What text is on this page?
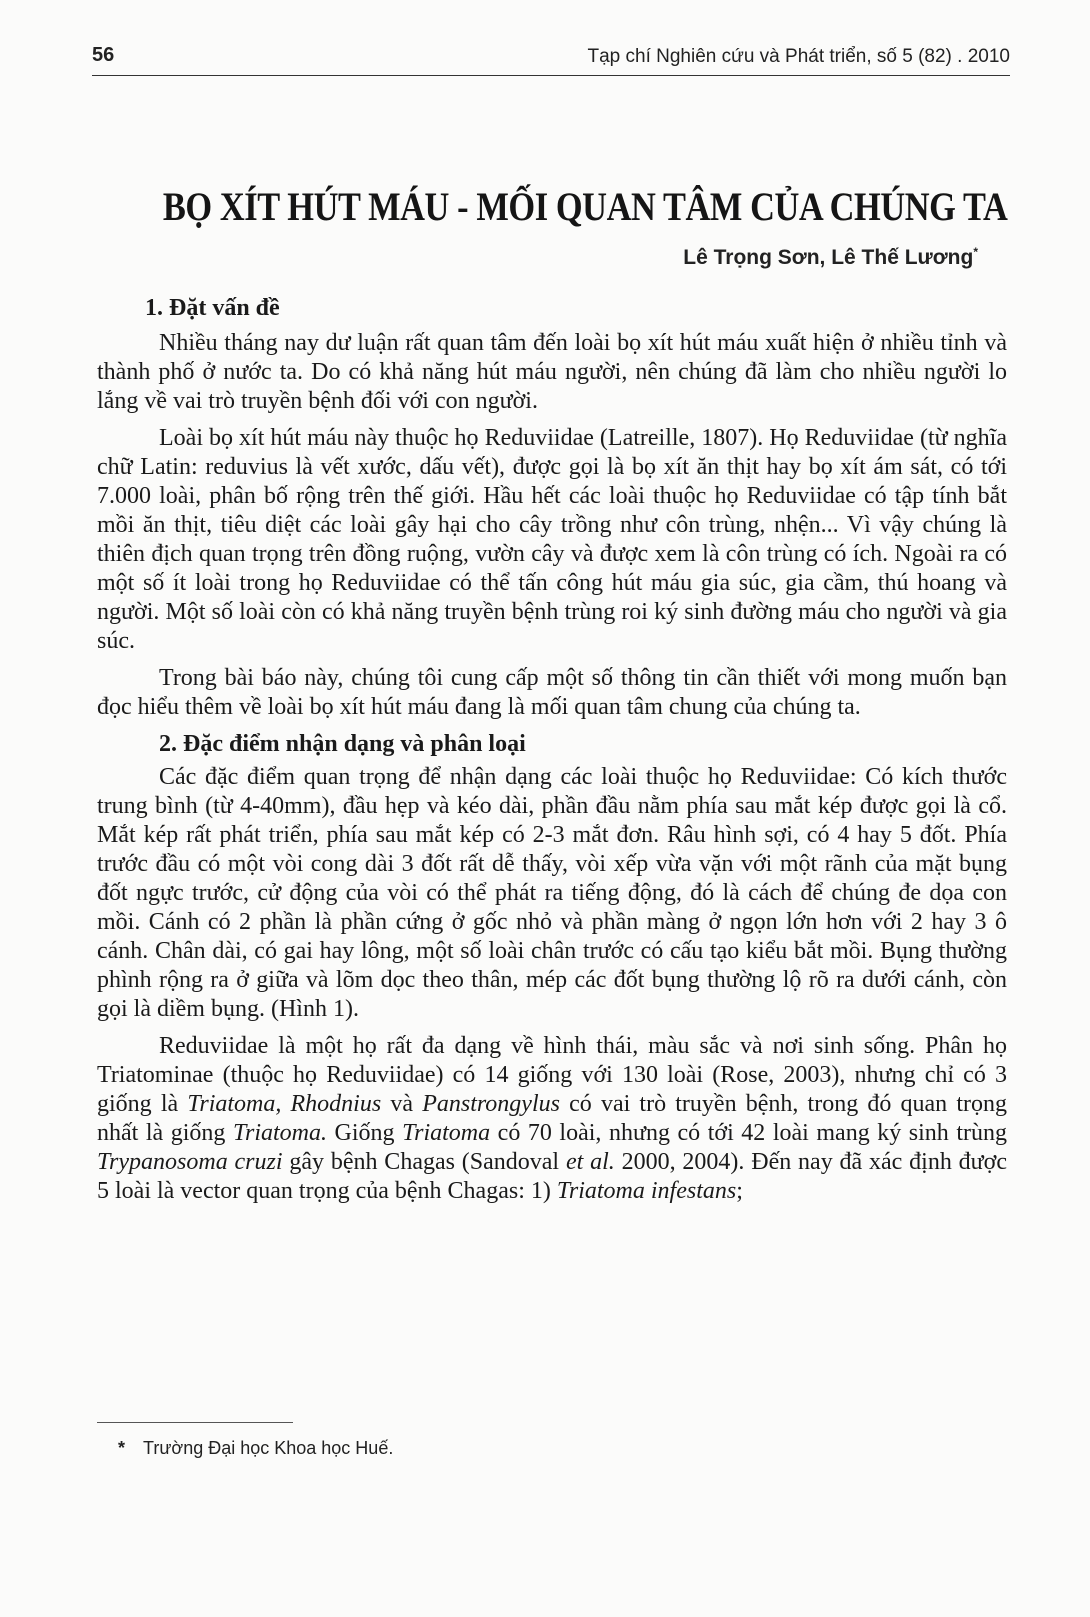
56	Tạp chí Nghiên cứu và Phát triển, số 5 (82) . 2010
BỌ XÍT HÚT MÁU - MỐI QUAN TÂM CỦA CHÚNG TA
Lê Trọng Sơn, Lê Thế Lương*
1. Đặt vấn đề

Nhiều tháng nay dư luận rất quan tâm đến loài bọ xít hút máu xuất hiện ở nhiều tỉnh và thành phố ở nước ta. Do có khả năng hút máu người, nên chúng đã làm cho nhiều người lo lắng về vai trò truyền bệnh đối với con người.

Loài bọ xít hút máu này thuộc họ Reduviidae (Latreille, 1807). Họ Reduviidae (từ nghĩa chữ Latin: reduvius là vết xước, dấu vết), được gọi là bọ xít ăn thịt hay bọ xít ám sát, có tới 7.000 loài, phân bố rộng trên thế giới. Hầu hết các loài thuộc họ Reduviidae có tập tính bắt mồi ăn thịt, tiêu diệt các loài gây hại cho cây trồng như côn trùng, nhện... Vì vậy chúng là thiên địch quan trọng trên đồng ruộng, vườn cây và được xem là côn trùng có ích. Ngoài ra có một số ít loài trong họ Reduviidae có thể tấn công hút máu gia súc, gia cầm, thú hoang và người. Một số loài còn có khả năng truyền bệnh trùng roi ký sinh đường máu cho người và gia súc.

Trong bài báo này, chúng tôi cung cấp một số thông tin cần thiết với mong muốn bạn đọc hiểu thêm về loài bọ xít hút máu đang là mối quan tâm chung của chúng ta.

2. Đặc điểm nhận dạng và phân loại

Các đặc điểm quan trọng để nhận dạng các loài thuộc họ Reduviidae: Có kích thước trung bình (từ 4-40mm), đầu hẹp và kéo dài, phần đầu nằm phía sau mắt kép được gọi là cổ. Mắt kép rất phát triển, phía sau mắt kép có 2-3 mắt đơn. Râu hình sợi, có 4 hay 5 đốt. Phía trước đầu có một vòi cong dài 3 đốt rất dễ thấy, vòi xếp vừa vặn với một rãnh của mặt bụng đốt ngực trước, cử động của vòi có thể phát ra tiếng động, đó là cách để chúng đe dọa con mồi. Cánh có 2 phần là phần cứng ở gốc nhỏ và phần màng ở ngọn lớn hơn với 2 hay 3 ô cánh. Chân dài, có gai hay lông, một số loài chân trước có cấu tạo kiểu bắt mồi. Bụng thường phình rộng ra ở giữa và lõm dọc theo thân, mép các đốt bụng thường lộ rõ ra dưới cánh, còn gọi là diềm bụng. (Hình 1).

Reduviidae là một họ rất đa dạng về hình thái, màu sắc và nơi sinh sống. Phân họ Triatominae (thuộc họ Reduviidae) có 14 giống với 130 loài (Rose, 2003), nhưng chỉ có 3 giống là Triatoma, Rhodnius và Panstrongylus có vai trò truyền bệnh, trong đó quan trọng nhất là giống Triatoma. Giống Triatoma có 70 loài, nhưng có tới 42 loài mang ký sinh trùng Trypanosoma cruzi gây bệnh Chagas (Sandoval et al. 2000, 2004). Đến nay đã xác định được 5 loài là vector quan trọng của bệnh Chagas: 1) Triatoma infestans;

* Trường Đại học Khoa học Huế.
